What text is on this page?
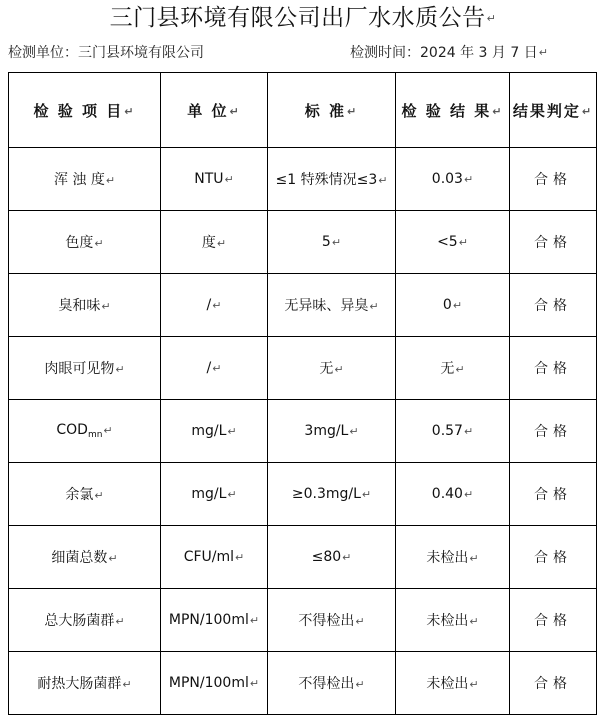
三门县环境有限公司出厂水水质公告↵
检测单位：三门县环境有限公司	检测时间：2024 年 3 月 7 日↵
检 验 项 目↵	单 位↵	标 准↵	检 验 结 果↵	结果判定↵
浑 浊 度↵	NTU↵	≤1 特殊情况≤3↵	0.03↵	合格
色度↵	度↵	5↵	<5↵	合格
臭和味↵	/↵	无异味、异臭↵	0↵	合格
肉眼可见物↵	/↵	无↵	无↵	合格
$COD_{mn}↵$	mg/L↵	3mg/L↵	0.57↵	合格
余氯↵	mg/L↵	≥0.3mg/L↵	0.40↵	合格
细菌总数↵	CFU/ml↵	≤80↵	未检出↵	合格
总大肠菌群↵	MPN/100ml↵	不得检出↵	未检出↵	合格
耐热大肠菌群↵	MPN/100ml↵	不得检出↵	未检出↵	合格
